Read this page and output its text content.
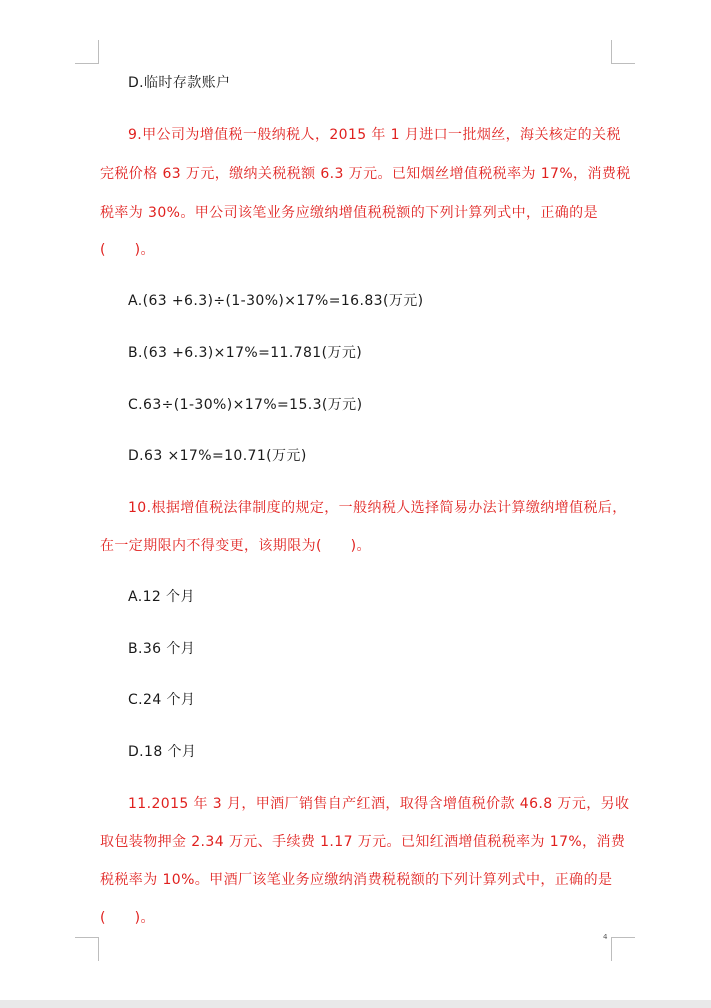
D.临时存款账户
9.甲公司为增值税一般纳税人，2015 年 1 月进口一批烟丝，海关核定的关税
完税价格 63 万元，缴纳关税税额 6.3 万元。已知烟丝增值税税率为 17%，消费税
税率为 30%。甲公司该笔业务应缴纳增值税税额的下列计算列式中，正确的是
(　　)。
A.(63 +6.3)÷(1-30%)×17%=16.83(万元)
B.(63 +6.3)×17%=11.781(万元)
C.63÷(1-30%)×17%=15.3(万元)
D.63 ×17%=10.71(万元)
10.根据增值税法律制度的规定，一般纳税人选择简易办法计算缴纳增值税后，
在一定期限内不得变更，该期限为(　　)。
A.12 个月
B.36 个月
C.24 个月
D.18 个月
11.2015 年 3 月，甲酒厂销售自产红酒，取得含增值税价款 46.8 万元，另收
取包装物押金 2.34 万元、手续费 1.17 万元。已知红酒增值税税率为 17%，消费
税税率为 10%。甲酒厂该笔业务应缴纳消费税税额的下列计算列式中，正确的是
(　　)。
4
